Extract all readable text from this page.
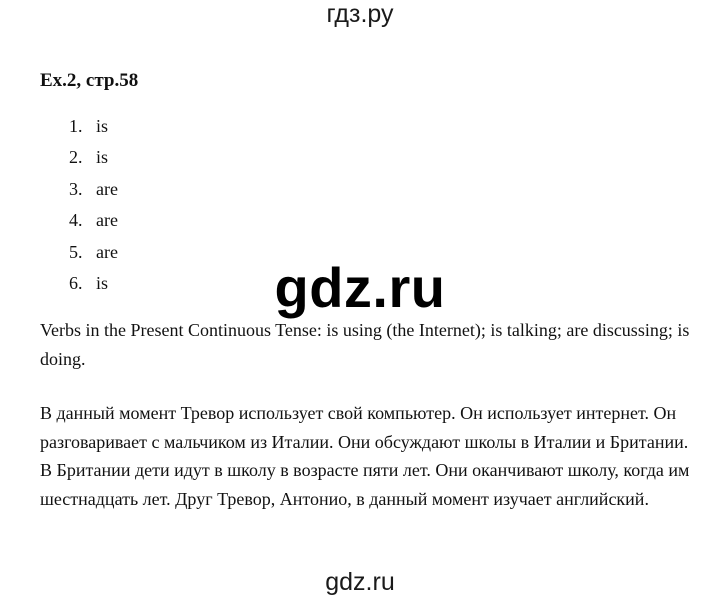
гдз.ру
Ex.2, стр.58
1. is
2. is
3. are
4. are
5. are
6. is	gdz.ru

Verbs in the Present Continuous Tense: is using (the Internet); is talking; are discussing; is doing.

В данный момент Тревор использует свой компьютер. Он использует интернет. Он разговаривает с мальчиком из Италии. Они обсуждают школы в Италии и Британии. В Британии дети идут в школу в возрасте пяти лет. Они оканчивают школу, когда им шестнадцать лет. Друг Тревор, Антонио, в данный момент изучает английский.

gdz.ru
